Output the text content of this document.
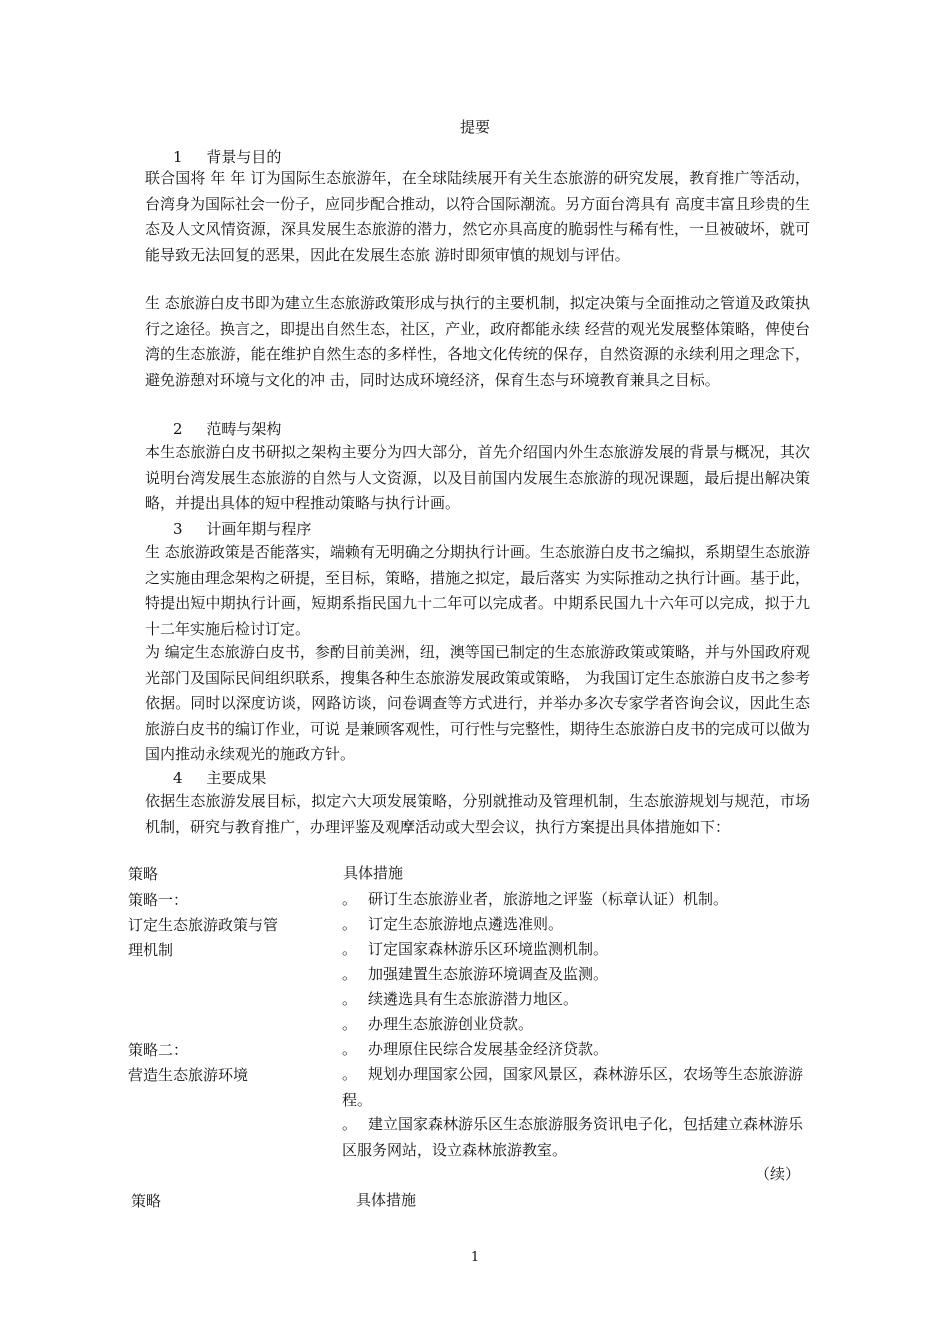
提要
1 背景与目的

联合国将 年 年 订为国际生态旅游年，在全球陆续展开有关生态旅游的研究发展，教育推广等活动，台湾身为国际社会一份子，应同步配合推动，以符合国际潮流。另方面台湾具有 高度丰富且珍贵的生态及人文风情资源，深具发展生态旅游的潜力，然它亦具高度的脆弱性与稀有性，一旦被破坏，就可能导致无法回复的恶果，因此在发展生态旅 游时即须审慎的规划与评估。

生 态旅游白皮书即为建立生态旅游政策形成与执行的主要机制，拟定决策与全面推动之管道及政策执行之途径。换言之，即提出自然生态，社区，产业，政府都能永续 经营的观光发展整体策略，俾使台湾的生态旅游，能在维护自然生态的多样性，各地文化传统的保存，自然资源的永续利用之理念下，避免游憩对环境与文化的冲 击，同时达成环境经济，保育生态与环境教育兼具之目标。

2 范畴与架构

本生态旅游白皮书研拟之架构主要分为四大部分，首先介绍国内外生态旅游发展的背景与概况，其次说明台湾发展生态旅游的自然与人文资源，以及目前国内发展生态旅游的现况课题，最后提出解决策略，并提出具体的短中程推动策略与执行计画。

3 计画年期与程序

生 态旅游政策是否能落实，端赖有无明确之分期执行计画。生态旅游白皮书之编拟，系期望生态旅游之实施由理念架构之研提，至目标，策略，措施之拟定，最后落实 为实际推动之执行计画。基于此，特提出短中期执行计画，短期系指民国九十二年可以完成者。中期系民国九十六年可以完成，拟于九十二年实施后检讨订定。

为 编定生态旅游白皮书，参酌目前美洲，纽，澳等国已制定的生态旅游政策或策略，并与外国政府观光部门及国际民间组织联系，搜集各种生态旅游发展政策或策略， 为我国订定生态旅游白皮书之参考依据。同时以深度访谈，网路访谈，问卷调查等方式进行，并举办多次专家学者咨询会议，因此生态旅游白皮书的编订作业，可说 是兼顾客观性，可行性与完整性，期待生态旅游白皮书的完成可以做为国内推动永续观光的施政方针。

4 主要成果

依据生态旅游发展目标，拟定六大项发展策略，分别就推动及管理机制，生态旅游规划与规范，市场机制，研究与教育推广，办理评鉴及观摩活动或大型会议，执行方案提出具体措施如下：

策略	具体措施
策略一：
订定生态旅游政策与管
理机制
。 研订生态旅游业者，旅游地之评鉴（标章认证）机制。
。 订定生态旅游地点遴选准则。
。 订定国家森林游乐区环境监测机制。
。 加强建置生态旅游环境调查及监测。
。 续遴选具有生态旅游潜力地区。
。 办理生态旅游创业贷款。
策略二：
营造生态旅游环境
。 办理原住民综合发展基金经济贷款。
。 规划办理国家公园，国家风景区，森林游乐区，农场等生态旅游游程。
。 建立国家森林游乐区生态旅游服务资讯电子化，包括建立森林游乐区服务网站，设立森林旅游教室。
（续）
策略	具体措施
1
